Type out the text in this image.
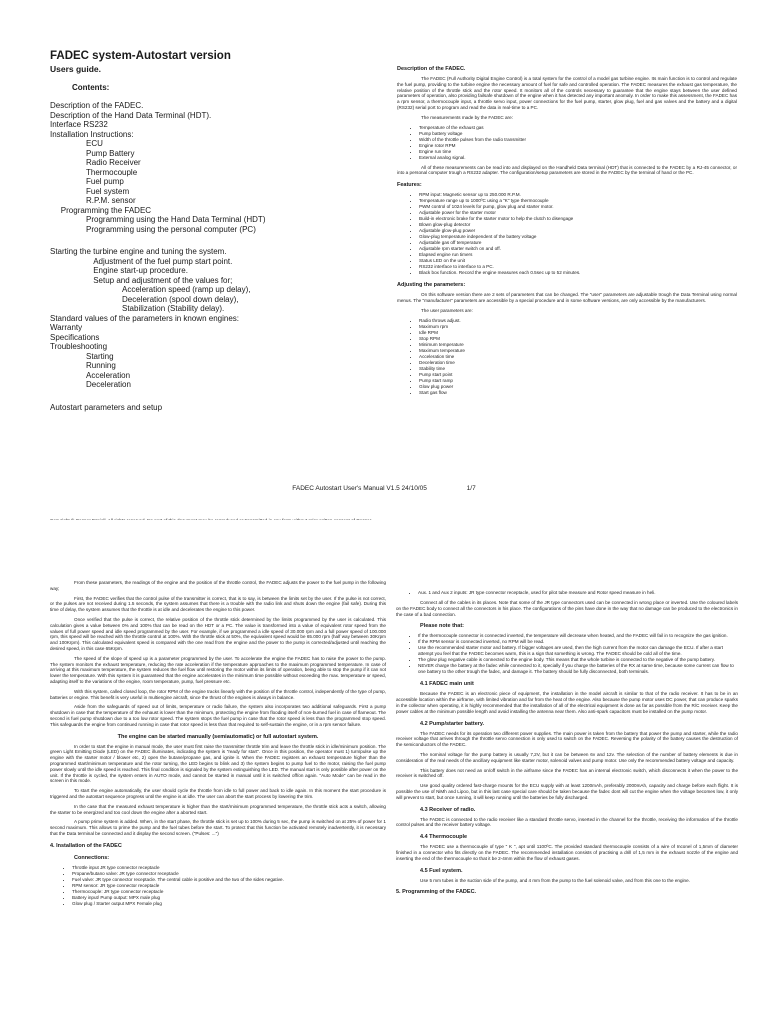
FADEC system-Autostart version
Users guide.
Contents:
Description of the FADEC.
Description of the Hand Data Terminal (HDT).
Interface RS232
Installation Instructions:
ECU
Pump Battery
Radio Receiver
Thermocouple
Fuel pump
Fuel system
R.P.M. sensor
Programming the FADEC
Programming using the Hand Data Terminal (HDT)
Programming using the personal computer (PC)
Starting the turbine engine and tuning the system.
Adjustment of the fuel pump start point.
Engine start-up procedure.
Setup and adjustment of the values for;
Acceleration speed (ramp up delay),
Deceleration (spool down delay),
Stabilization (Stability delay).
Standard values of the parameters in known engines:
Warranty
Specifications
Troubleshooting
Starting
Running
Acceleration
Deceleration
Autostart parameters and setup

Description of the FADEC.

The FADEC (Full Authority Digital Engine Control) is a total system for the control of a model gas turbine engine. Its main function is to control and regulate the fuel pump, providing to the turbine engine the necessary amount of fuel for safe and controlled operation. The FADEC measures the exhaust gas temperature, the relative position of the throttle stick and the rotor speed. It monitors all of the controls necessary to guarantee that the engine stays between the user defined parameters of operation, also providing failsafe shutdown of the engine when it has detected any important anomaly. In order to make this assessment, the FADEC has a rpm sensor, a thermocouple input, a throttle servo input, power connections for the fuel pump, starter, glow plug, fuel and gas valves and the battery and a digital (RS232) serial port to program and read the data in real-time to a PC.

The measurements made by the FADEC are:

• Temperature of the exhaust gas
• Pump battery voltage
• Width of the throttle pulses from the radio transmitter
• Engine rotor RPM
• Engine run time
• External analog signal.

All of these measurements can be read into and displayed on the Handheld Data terminal (HDT) that is connected to the FADEC by a RJ-45 connector, or into a personal computer trough a RS232 adapter. The configuration/setup parameters are stored in the FADEC by the terminal of hand or the PC.

Features:
• RPM input: Magnetic sensor up to 250.000 R.P.M.
• Temperature range up to 1000ºC using a "K" type thermocouple
• PWM control of 1024 levels for pump, glow plug and starter motor.
• Adjustable power for the starter motor
• Build-in electronic brake for the starter motor to help the clutch to disengage
• Blown glow-plug detector
• Adjustable glow-plug power
• Glow-plug temperature independent of the battery voltage
• Adjustable gas off temperature
• Adjustable rpm starter switch on and off.
• Elapsed engine run timers
• Status LED on the unit
• RS232 interface to interface to a PC.
• Black box function. Record the engine measures each 0.5sec up to 52 minutes.
Adjusting the parameters:

On this software version there are 2 sets of parameters that can be changed. The "user" parameters are adjustable trough the Data Terminal using normal menus. The "manufacturer" parameters are accessible by a special procedure and in some software versions, are only accessible by the manufacturers.

The user parameters are:

• Radio throws adjust.
• Maximum rpm
• Idle RPM
• Stop RPM
• Minimum temperature
• Maximum temperature
• Acceleration time
• Deceleration time
• Stability time
• Pump start point
• Pump start ramp
• Glow plug power
• Start gas flow
FADEC Autostart User's Manual V1.5 24/10/05	1/7

From these parameters, the readings of the engine and the position of the throttle control, the FADEC adjusts the power to the fuel pump in the following way;

First, the FADEC verifies that the control pulse of the transmitter is correct, that is to say, is between the limits set by the user. If the pulse is not correct, or the pulses are not received during 1.5 seconds, the system assumes that there is a trouble with the radio link and shuts down the engine (fail safe). During this time of delay, the system assumes that the throttle is at idle and decelerates the engine to this power.

Once verified that the pulse is correct, the relative position of the throttle stick determined by the limits programmed by the user is calculated. This calculation gives a value between 0% and 100% that can be read on the HDT or a PC. The value is transformed into a value of equivalent rotor speed from the values of full power speed and idle speed programmed by the user. For example, if we programmed a idle speed of 30.000 rpm and a full power speed of 100.000 rpm, this speed will be reached with the throttle control at 100%. With the throttle stick at 50%, the equivalent speed would be 65.000 rpm (half way between 30Krpm and 100Krpm). This calculated equivalent speed is compared with the one read from the engine and the power to the pump is corrected/adjusted until reaching the desired speed, in this case 65Krpm.

The speed of the slope of speed up is a parameter programmed by the user. To accelerate the engine the FADEC has to raise the power to the pump. The system monitors the exhaust temperature, reducing the rate acceleration if the temperature approaches to the maximum programmed temperature. In case of arriving at this maximum temperature, the system reduces the fuel flow until restoring the motor within its limits of operation, being able to stop the pump if it can not lower the temperature. With this system it is guaranteed that the engine accelerates in the minimum time possible without exceeding the max. temperature or speed, adapting itself to the variations of the engine, room temperature, pump, fuel pressure etc.

With this system, called closed loop, the rotor RPM of the engine tracks linearly with the position of the throttle control, independently of the type of pump, batteries or engine. This benefit is very useful in multiengine aircraft, since the thrust of the engines is always in balance.

Aside from the safeguards of speed out of limits, temperature or radio failure, the system also incorporates two additional safeguards. First a pump shutdown in case that the temperature of the exhaust is lower than the minimum, protecting the engine from flooding itself of non-burned fuel in case of flameout. The second is fuel pump shutdown due to a too low rotor speed. The system stops the fuel pump in case that the rotor speed is less than the programmed stop speed. This safeguards the engine from continued running in case that rotor speed is less than that required to self-sustain the engine, or in a rpm sensor failure.

The engine can be started manually (semiautomatic) or full autostart system.

In order to start the engine in manual mode, the user must first raise the transmitter throttle trim and leave the throttle stick in idle/minimum position. The green Light Emitting Diode (LED) on the FADEC illuminates, indicating the system is "ready for start". Once in this position, the operator must 1) turn/pulse up the engine with the starter motor / blower etc, 2) open the butane/propane gas, and ignite it. When the FADEC registers an exhaust temperature higher than the programmed start/minimum temperature and the rotor turning, the LED begins to blink and 3) the system begins to pump fuel to the motor, raising the fuel pump power slowly until the idle speed is reached. This final condition is signaled by the system extinguishing the LED. The manual start is only possible after power on the unit. If the throttle is cycled, the system enters in AUTO mode, and cannot be started in manual until it is switched off/on again. "Auto Mode" can be read in the screen in this mode.

To start the engine automatically, the user should cycle the throttle from idle to full power and back to idle again. In this moment the start procedure is triggered and the autostart sequence progress until the engine is at idle. The user can abort the start process by lowering the trim.

In the case that the measured exhaust temperature is higher than the start/minimum programmed temperature, the throttle stick acts a switch, allowing the starter to be energized and too cool down the engine after a aborted start.

A pump prime system is added. When, in the start phase, the throttle stick is set up to 100% during 5 sec, the pump is switched on at 25% of power for 1 second maximum. This allows to prime the pump and the fuel tubes before the start. To protect that this function be activated remotely inadvertently, it is necessary that the Data terminal be connected and it display the second screen. ("Pulses: ...")

4. Installation of the FADEC
Connections:
• Throttle input JR type connector receptacle
• Propane/butano valve: JR type connector receptacle
• Fuel valve: JR type connector receptacle. The central cable is positive and the two of the sides negative.
• RPM sensor: JR type connector receptacle
• Thermocouple: JR type connector receptacle
• Battery input/ Pump output: MPX male plug
• Glow plug / Starter output MPX Female plug
• Aux. 1 and Aux 2 inputs: JR type connector receptacle, used for pilot tube measure and Rotor speed measure in heli.

Connect all of the cables in its places. Note that some of the JR type connectors used can be connected in wrong place or inverted. Use the coloured labels on the FADEC body to connect all the connectors in his place. The configurations of the pins have done in the way that no damage can be produced to the electronics in the case of a bad connection.

Please note that:
• If the thermocouple connector is connected inverted, the temperature will decrease when heated, and the FADEC will fail in to recognize the gas ignition.
• If the RPM sensor is connected inverted, no RPM will be read.
• Use the recommended starter motor and battery. If bigger voltages are used, then the high current from the motor can damage the ECU. If after a start attempt you feel that the FADEC becomes warm, this is a sign that something is wrong. The FADEC should be cold all of the time.
• The glow plug negative cable is connected to the engine body. This means that the whole turbine is connected to the negative of the pump battery.
• NEVER charge the battery at the fadec while connected to it, specially if you charge the batteries of the RX at same time, because some current can flow to one battery to the other trough the fadec, and damage it. The battery should be fully disconnected, both terminals.
4.1 FADEC main unit

Because the FADEC is an electronic piece of equipment, the installation in the model aircraft is similar to that of the radio receiver. It has to be in an accessible location within the airframe, with limited vibration and far from the heat of the engine. Also because the pump motor uses DC power, that can produce sparks in the collector when operating, it is highly recommended that the installation of all of the electrical equipment is done as far as possible from the R/C receiver. Keep the power cables at the minimum possible length and avoid installing the antenna near them. Also anti-spark capacitors must be installed on the pump motor.

4.2 Pump/starter battery.

The FADEC needs for its operation two different power supplies. The main power is taken from the battery that power the pump and starter, while the radio receiver voltage that arrives through the throttle servo connection is only used to switch on the FADEC. Reversing the polarity of the battery causes the destruction of the semiconductors of the FADEC.

The nominal voltage for the pump battery is usually 7,2V, but it can be between 6v and 12v. The selection of the number of battery elements is due in consideration of the real needs of the ancillary equipment like starter motor, solenoid valves and pump motor. Use only the recommended battery voltage and capacity.

This battery does not need an on/off switch in the airframe since the FADEC has an internal electronic switch, which disconnects it when the power to the receiver is switched off.

Use good quality ordered fast-charge mounts for the ECU supply with at least 1200mAh, preferably 2000mAh, capacity and charge before each flight. It is possible the use of NiMh and Lipoo, but in this last case special care should be taken because the fadec dont will cut the engine when the voltage becomes low, it only will prevent to start, but once running, it will keep running until the batteries be fully discharged.

4.3 Receiver of radio.

The FADEC is connected to the radio receiver like a standard throttle servo, inserted in the channel for the throttle, receiving the information of the throttle control pulses and the receiver battery voltage.

4.4 Thermocouple

The FADEC use a thermocouple of type " K ", apt until 1100ºC. The provided standard thermocouple consists of a wire of Inconel of 1,5mm of diameter finished in a connector who fits directly on the FADEC. The recommended installation consists of practising a drill of 1,5 mm in the exhaust nozzle of the engine and inserting the end of the thermocouple so that it be 2-4mm within the flow of exhaust gases.

4.5 Fuel system.

Use 5 mm tubes in the suction side of the pump, and 4 mm from the pump to the fuel solenoid valve, and from this one to the engine.

5. Programming of the FADEC.
